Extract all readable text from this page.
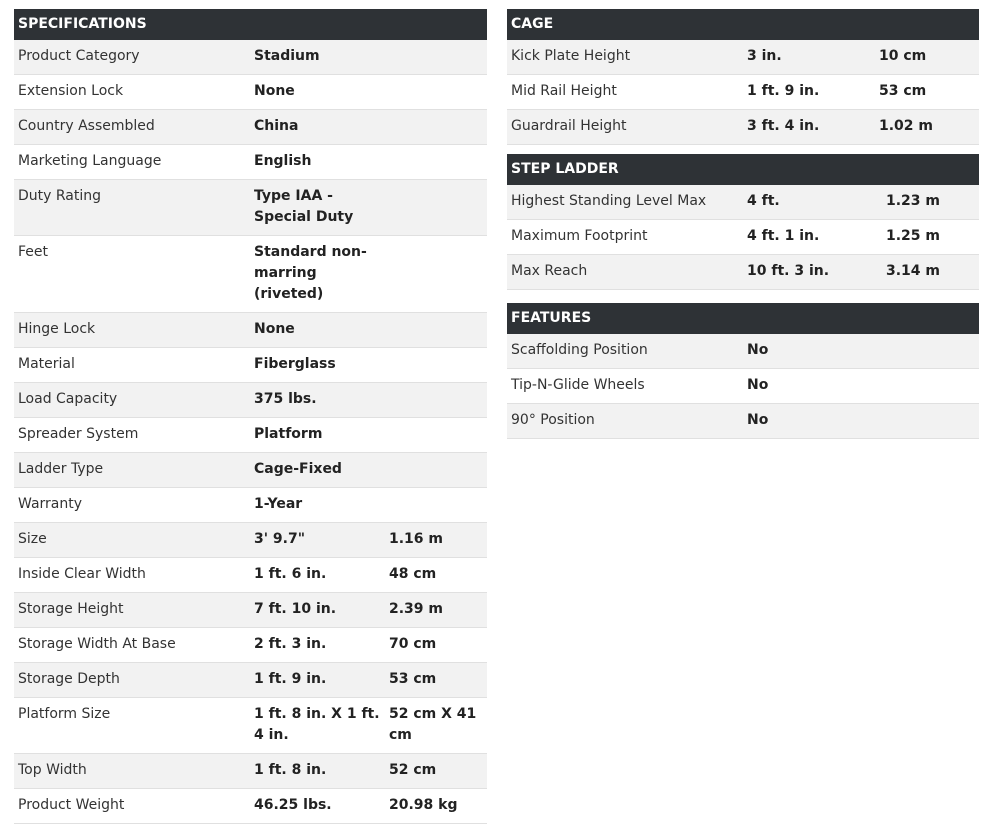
SPECIFICATIONS
Product Category	Stadium	
Extension Lock	None	
Country Assembled	China	
Marketing Language	English	
Duty Rating	Type IAA - Special Duty	
Feet	Standard non-marring (riveted)	
Hinge Lock	None	
Material	Fiberglass	
Load Capacity	375 lbs.	
Spreader System	Platform	
Ladder Type	Cage-Fixed	
Warranty	1-Year	
Size	3' 9.7"	1.16 m
Inside Clear Width	1 ft. 6 in.	48 cm
Storage Height	7 ft. 10 in.	2.39 m
Storage Width At Base	2 ft. 3 in.	70 cm
Storage Depth	1 ft. 9 in.	53 cm
Platform Size	1 ft. 8 in. X 1 ft. 4 in.	52 cm X 41 cm
Top Width	1 ft. 8 in.	52 cm
Product Weight	46.25 lbs.	20.98 kg
CAGE
Kick Plate Height	3 in.	10 cm
Mid Rail Height	1 ft. 9 in.	53 cm
Guardrail Height	3 ft. 4 in.	1.02 m
STEP LADDER
Highest Standing Level Max	4 ft.	1.23 m
Maximum Footprint	4 ft. 1 in.	1.25 m
Max Reach	10 ft. 3 in.	3.14 m
FEATURES
Scaffolding Position	No
Tip-N-Glide Wheels	No
90° Position	No
